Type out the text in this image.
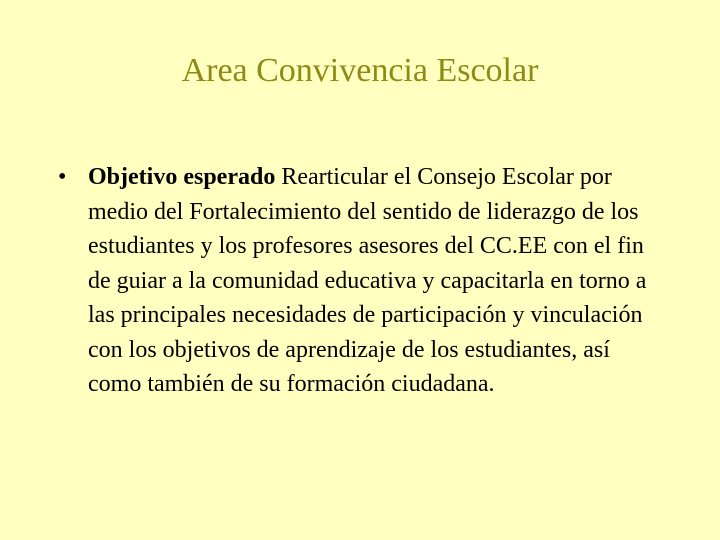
Area Convivencia Escolar
• Objetivo esperado Rearticular el Consejo Escolar por medio del Fortalecimiento del sentido de liderazgo de los estudiantes y los profesores asesores del CC.EE con el fin de guiar a la comunidad educativa y capacitarla en torno a las principales necesidades de participación y vinculación con los objetivos de aprendizaje de los estudiantes, así como también de su formación ciudadana.
